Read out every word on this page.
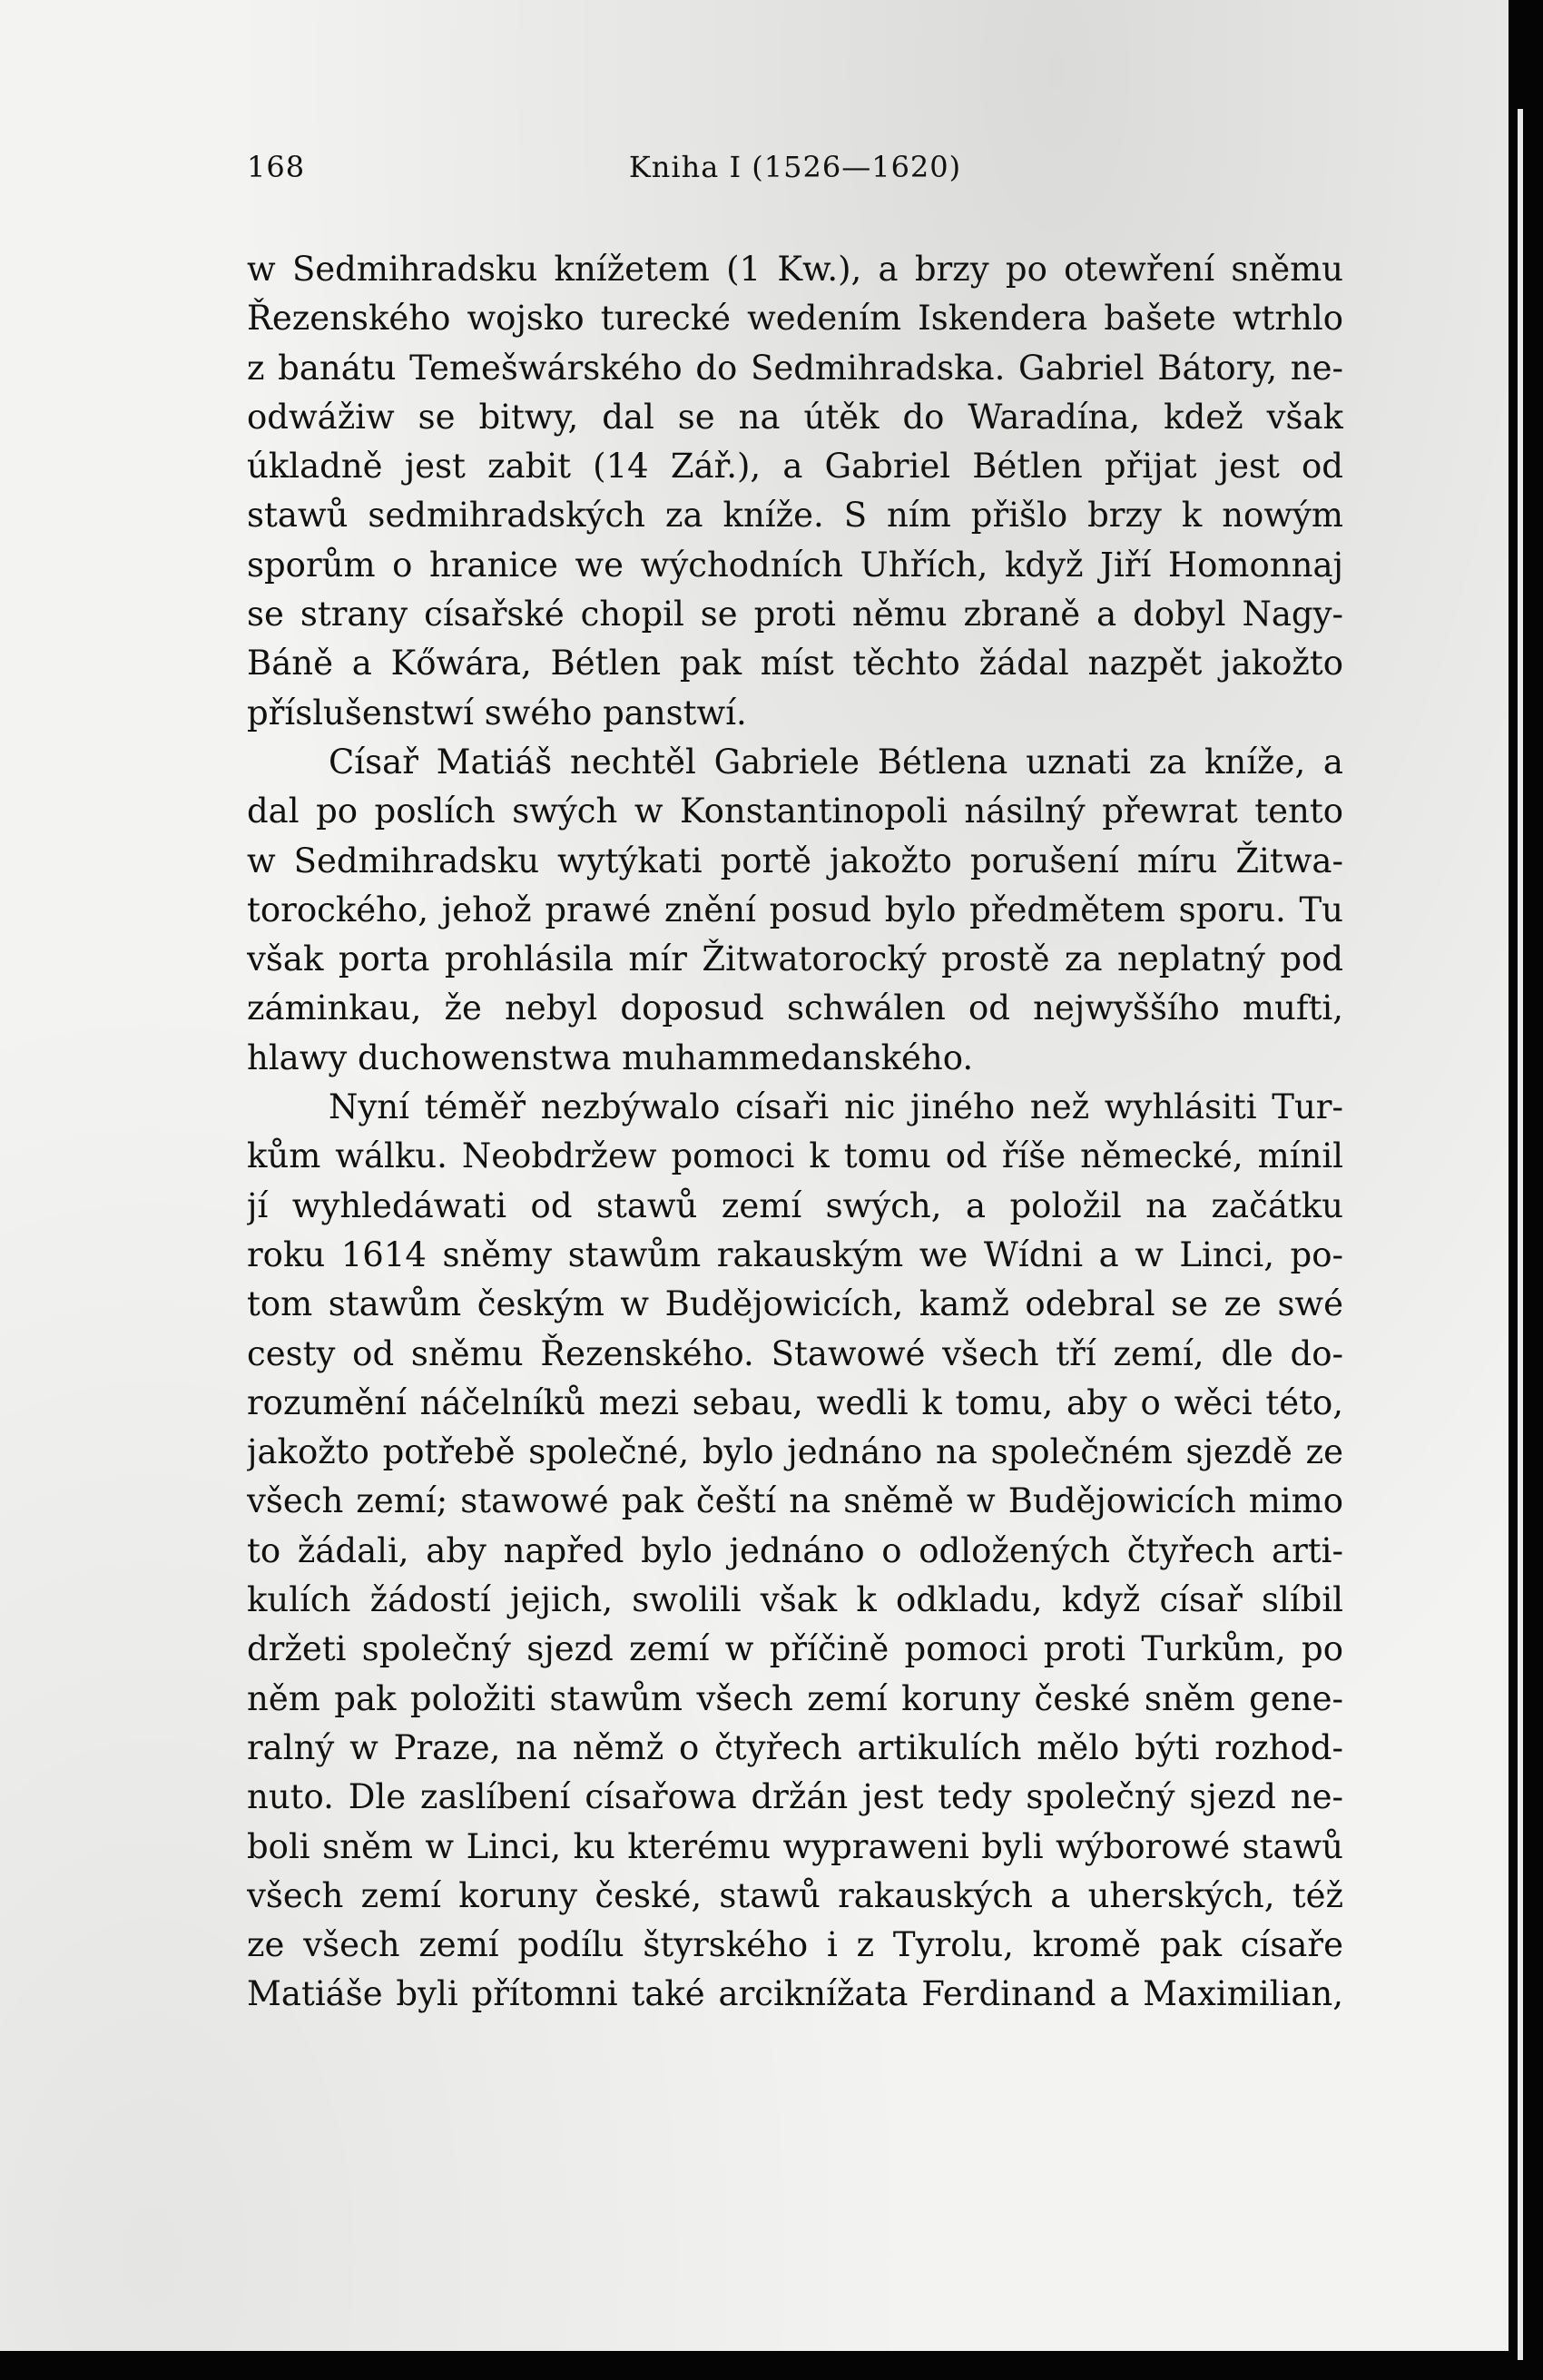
168	Kniha I (1526—1620)
w Sedmihradsku knížetem (1 Kw.), a brzy po otewření sněmu
Řezenského wojsko turecké wedením Iskendera bašete wtrhlo
z banátu Temešwárského do Sedmihradska. Gabriel Bátory, ne-
odwážiw se bitwy, dal se na útěk do Waradína, kdež však
úkladně jest zabit (14 Zář.), a Gabriel Bétlen přijat jest od
stawů sedmihradských za kníže. S ním přišlo brzy k nowým
sporům o hranice we wýchodních Uhřích, když Jiří Homonnaj
se strany císařské chopil se proti němu zbraně a dobyl Nagy-
Báně a Kőwára, Bétlen pak míst těchto žádal nazpět jakožto
příslušenstwí swého panstwí.
Císař Matiáš nechtěl Gabriele Bétlena uznati za kníže, a
dal po poslích swých w Konstantinopoli násilný přewrat tento
w Sedmihradsku wytýkati portě jakožto porušení míru Žitwa-
torockého, jehož prawé znění posud bylo předmětem sporu. Tu
však porta prohlásila mír Žitwatorocký prostě za neplatný pod
záminkau, že nebyl doposud schwálen od nejwyššího mufti,
hlawy duchowenstwa muhammedanského.
Nyní téměř nezbýwalo císaři nic jiného než wyhlásiti Tur-
kům wálku. Neobdržew pomoci k tomu od říše německé, mínil
jí wyhledáwati od stawů zemí swých, a položil na začátku
roku 1614 sněmy stawům rakauským we Wídni a w Linci, po-
tom stawům českým w Budějowicích, kamž odebral se ze swé
cesty od sněmu Řezenského. Stawowé všech tří zemí, dle do-
rozumění náčelníků mezi sebau, wedli k tomu, aby o wěci této,
jakožto potřebě společné, bylo jednáno na společném sjezdě ze
všech zemí; stawowé pak čeští na sněmě w Budějowicích mimo
to žádali, aby napřed bylo jednáno o odložených čtyřech arti-
kulích žádostí jejich, swolili však k odkladu, když císař slíbil
držeti společný sjezd zemí w příčině pomoci proti Turkům, po
něm pak položiti stawům všech zemí koruny české sněm gene-
ralný w Praze, na němž o čtyřech artikulích mělo býti rozhod-
nuto. Dle zaslíbení císařowa držán jest tedy společný sjezd ne-
boli sněm w Linci, ku kterému wypraweni byli wýborowé stawů
všech zemí koruny české, stawů rakauských a uherských, též
ze všech zemí podílu štyrského i z Tyrolu, kromě pak císaře
Matiáše byli přítomni také arciknížata Ferdinand a Maximilian,
